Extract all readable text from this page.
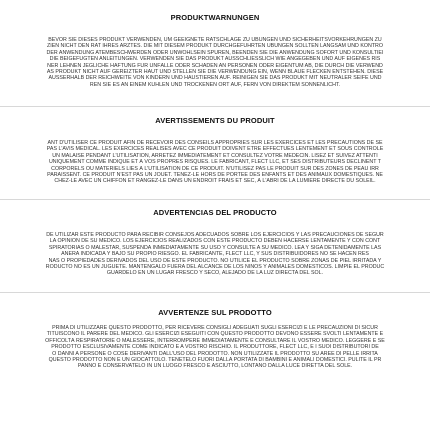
PRODUKTWARNUNGEN
BEVOR SIE DIESES PRODUKT VERWENDEN, UM GEEIGNETE RATSCHLÄGE ZU ÜBUNGEN UND SICHERHEITSVORKEHRUNGEN ZU
ZIEN NICHT DEN RAT IHRES ARZTES. DIE MIT DIESEM PRODUKT DURCHGEFÜHRTEN ÜBUNGEN SOLLTEN LANGSAM UND KONTRO
DER ANWENDUNG ATEMBESCHWERDEN ODER UNWOHLSEIN SPÜREN, BEENDEN SIE DIE ANWENDUNG SOFORT UND KONSULTIEI
DIE BEIGEFÜGTEN ANLEITUNGEN. VERWENDEN SIE DAS PRODUKT AUSSCHLIESSLICH WIE ANGEGEBEN UND AUF EIGENES RIS
NER LEHNEN JEGLICHE HAFTUNG FÜR UNFÄLLE ODER SCHÄDEN AN PERSONEN ODER EIGENTUM AB, DIE DURCH DIE VERWEND
AS PRODUKT NICHT AUF GEREIZTER HAUT UND STELLEN SIE DIE VERWENDUNG EIN, WENN BLAUE FLECKEN ENTSTEHEN. DIESE
AUSSERHALB DER REICHWEITE VON KINDERN UND HAUSTIEREN AUF. REINIGEN SIE DAS PRODUKT MIT NEUTRALER SEIFE UND
REN SIE ES AN EINEM KÜHLEN UND TROCKENEN ORT AUF, FERN VON DIREKTEM SONNENLICHT.
AVERTISSEMENTS DU PRODUIT
ANT D'UTILISER CE PRODUIT AFIN DE RECEVOIR DES CONSEILS APPROPRIÉS SUR LES EXERCICES ET LES PRÉCAUTIONS DE SÉ
PAS L'AVIS MÉDICAL. LES EXERCICES RÉALISÉS AVEC CE PRODUIT DOIVENT ÊTRE EFFECTUÉS LENTEMENT ET SOUS CONTRÔLE
UN MALAISE PENDANT L'UTILISATION, ARRÊTEZ IMMÉDIATEMENT ET CONSULTEZ VOTRE MÉDECIN. LISEZ ET SUIVEZ ATTENTI
UNIQUEMENT COMME INDIQUÉ ET À VOS PROPRES RISQUES. LE FABRICANT, FLECT LLC, ET SES DISTRIBUTEURS DÉCLINENT T
CORPORELS OU MATÉRIELS LIÉS À L'UTILISATION DE CE PRODUIT. N'UTILISEZ PAS LE PRODUIT SUR DES ZONES DE PEAU IRR
PARAISSENT. CE PRODUIT N'EST PAS UN JOUET. TENEZ-LE HORS DE PORTÉE DES ENFANTS ET DES ANIMAUX DOMESTIQUES. NE
CHEZ-LE AVEC UN CHIFFON ET RANGEZ-LE DANS UN ENDROIT FRAIS ET SEC, À L'ABRI DE LA LUMIÈRE DIRECTE DU SOLEIL.
ADVERTENCIAS DEL PRODUCTO
DE UTILIZAR ESTE PRODUCTO PARA RECIBIR CONSEJOS ADECUADOS SOBRE LOS EJERCICIOS Y LAS PRECAUCIONES DE SEGUR
LA OPINIÓN DE SU MÉDICO. LOS EJERCICIOS REALIZADOS CON ESTE PRODUCTO DEBEN HACERSE LENTAMENTE Y CON CONT
SPIRATORIAS O MALESTAR, SUSPENDA INMEDIATAMENTE SU USO Y CONSULTE A SU MÉDICO. LEA Y SIGA DETENIDAMENTE LAS
ANERA INDICADA Y BAJO SU PROPIO RIESGO. EL FABRICANTE, FLECT LLC, Y SUS DISTRIBUIDORES NO SE HACEN RES
NAS O PROPIEDADES DERIVADOS DEL USO DE ESTE PRODUCTO. NO UTILICE EL PRODUCTO SOBRE ZONAS DE PIEL IRRITADA Y
RODUCTO NO ES UN JUGUETE. MANTÉNGALO FUERA DEL ALCANCE DE LOS NIÑOS Y ANIMALES DOMÉSTICOS. LIMPIE EL PRODUC
GUÁRDELO EN UN LUGAR FRESCO Y SECO, ALEJADO DE LA LUZ DIRECTA DEL SOL.
AVVERTENZE SUL PRODOTTO
PRIMA DI UTILIZZARE QUESTO PRODOTTO, PER RICEVERE CONSIGLI ADEGUATI SUGLI ESERCIZI E LE PRECAUZIONI DI SICUR
TITUISCONO IL PARERE DEL MEDICO. GLI ESERCIZI ESEGUITI CON QUESTO PRODOTTO DEVONO ESSERE SVOLTI LENTAMENTE E
OFFICOLTÀ RESPIRATORIE O MALESSERE, INTERROMPERE IMMEDIATAMENTE E CONSULTARE IL VOSTRO MEDICO. LEGGERE E SE
PRODOTTO ESCLUSIVAMENTE COME INDICATO E A VOSTRO RISCHIO. IL PRODUTTORE, FLECT LLC, E I SUOI DISTRIBUTORI DE
O DANNI A PERSONE O COSE DERIVANTI DALL'USO DEL PRODOTTO. NON UTILIZZATE IL PRODOTTO SU AREE DI PELLE IRRITA
QUESTO PRODOTTO NON È UN GIOCATTOLO. TENETELO FUORI DALLA PORTATA DI BAMBINI E ANIMALI DOMESTICI. PULITE IL PR
PANNO E CONSERVATELO IN UN LUOGO FRESCO E ASCIUTTO, LONTANO DALLA LUCE DIRETTA DEL SOLE.
